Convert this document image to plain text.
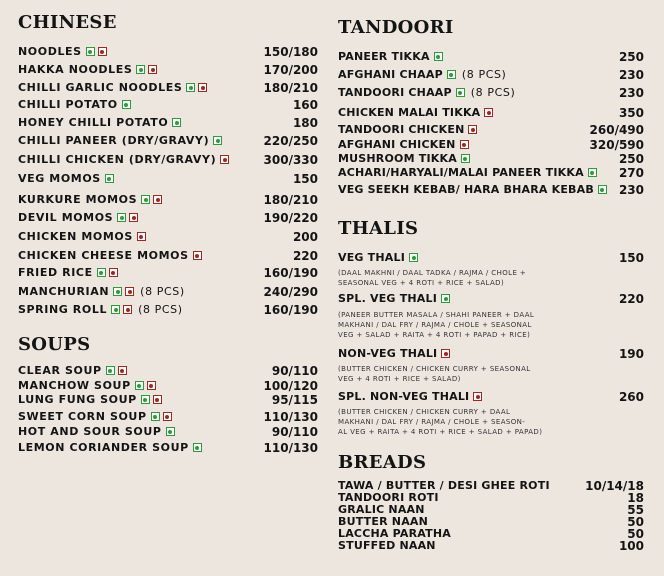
CHINESE
NOODLES	150/180
HAKKA NOODLES	170/200
CHILLI GARLIC NOODLES	180/210
CHILLI POTATO	160
HONEY CHILLI POTATO	180
CHILLI PANEER (DRY/GRAVY)	220/250
CHILLI CHICKEN (DRY/GRAVY)	300/330
VEG MOMOS	150
KURKURE MOMOS	180/210
DEVIL MOMOS	190/220
CHICKEN MOMOS	200
CHICKEN CHEESE MOMOS	220
FRIED RICE	160/190
MANCHURIAN	(8 PCS)	240/290
SPRING ROLL	(8 PCS)	160/190
SOUPS
CLEAR SOUP	90/110
MANCHOW SOUP	100/120
LUNG FUNG SOUP	95/115
SWEET CORN SOUP	110/130
HOT AND SOUR SOUP	90/110
LEMON CORIANDER SOUP	110/130
TANDOORI
PANEER TIKKA	250
AFGHANI CHAAP (8 PCS)	230
TANDOORI CHAAP (8 PCS)	230
CHICKEN MALAI TIKKA	350
TANDOORI CHICKEN	260/490
AFGHANI CHICKEN	320/590
MUSHROOM TIKKA	250
ACHARI/HARYALI/MALAI PANEER TIKKA	270
VEG SEEKH KEBAB/ HARA BHARA KEBAB 230
THALIS
VEG THALI	150
(DAAL MAKHNI / DAAL TADKA / RAJMA / CHOLE +
SEASONAL VEG + 4 ROTI + RICE + SALAD)
SPL. VEG THALI	220
(PANEER BUTTER MASALA / SHAHI PANEER + DAAL
MAKHANI / DAL FRY / RAJMA / CHOLE + SEASONAL
VEG + SALAD + RAITA + 4 ROTI + PAPAD + RICE)
NON-VEG THALI	190
(BUTTER CHICKEN / CHICKEN CURRY + SEASONAL
VEG + 4 ROTI + RICE + SALAD)
SPL. NON-VEG THALI	260
(BUTTER CHICKEN / CHICKEN CURRY + DAAL
MAKHANI / DAL FRY / RAJMA / CHOLE + SEASON-
AL VEG + RAITA + 4 ROTI + RICE + SALAD + PAPAD)
BREADS
TAWA / BUTTER / DESI GHEE ROTI	10/14/18
TANDOORI ROTI	18
GRALIC NAAN	55
BUTTER NAAN	50
LACCHA PARATHA	50
STUFFED NAAN	100
